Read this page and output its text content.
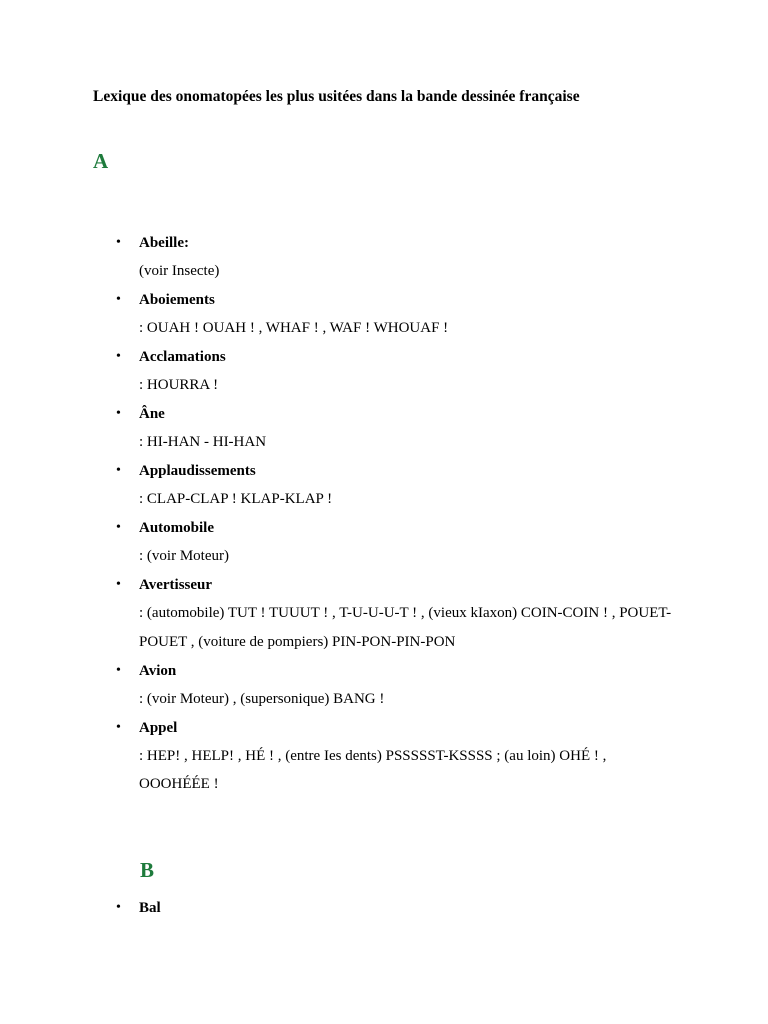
Lexique des onomatopées les plus usitées dans la bande dessinée française
A
• Abeille:
(voir Insecte)
• Aboiements
: OUAH ! OUAH ! , WHAF ! , WAF ! WHOUAF !
• Acclamations
: HOURRA !
• Âne
: HI-HAN - HI-HAN
• Applaudissements
: CLAP-CLAP ! KLAP-KLAP !
• Automobile
: (voir Moteur)
• Avertisseur
: (automobile) TUT ! TUUUT ! , T-U-U-U-T ! , (vieux kIaxon) COIN-COIN ! , POUET-POUET , (voiture de pompiers) PIN-PON-PIN-PON
• Avion
: (voir Moteur) , (supersonique) BANG !
• Appel
: HEP! , HELP! , HÉ ! , (entre Ies dents) PSSSSST-KSSSS ; (au loin) OHÉ ! , OOOHÉÉE !
B
• Bal
